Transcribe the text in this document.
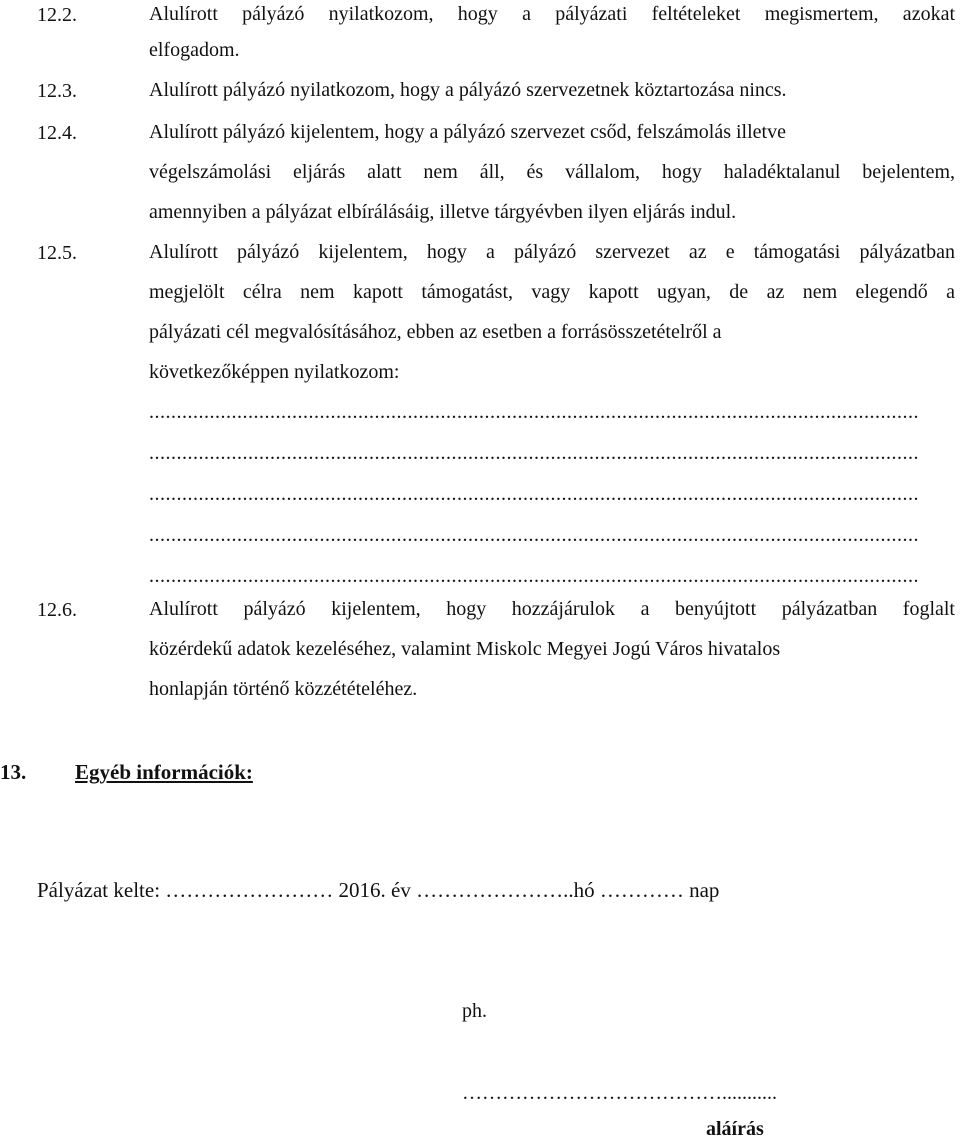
12.2.	Alulírott pályázó nyilatkozom, hogy a pályázati feltételeket megismertem, azokat
elfogadom.
12.3.	Alulírott pályázó nyilatkozom, hogy a pályázó szervezetnek köztartozása nincs.
12.4.	Alulírott pályázó kijelentem, hogy a pályázó szervezet csőd, felszámolás illetve
végelszámolási eljárás alatt nem áll, és vállalom, hogy haladéktalanul bejelentem,
amennyiben a pályázat elbírálásáig, illetve tárgyévben ilyen eljárás indul.
12.5.	Alulírott pályázó kijelentem, hogy a pályázó szervezet az e támogatási pályázatban
megjelölt célra nem kapott támogatást, vagy kapott ugyan, de az nem elegendő a
pályázati cél megvalósításához, ebben az esetben a forrásösszetételről a
következőképpen nyilatkozom:
............................................................................................................................................
............................................................................................................................................
............................................................................................................................................
............................................................................................................................................
............................................................................................................................................
12.6.	Alulírott pályázó kijelentem, hogy hozzájárulok a benyújtott pályázatban foglalt
közérdekű adatok kezeléséhez, valamint Miskolc Megyei Jogú Város hivatalos
honlapján történő közzétételéhez.
13. Egyéb információk:
Pályázat kelte: …………………… 2016. év …………………..hó ………… nap
ph.
…………………………………...........
aláírás
